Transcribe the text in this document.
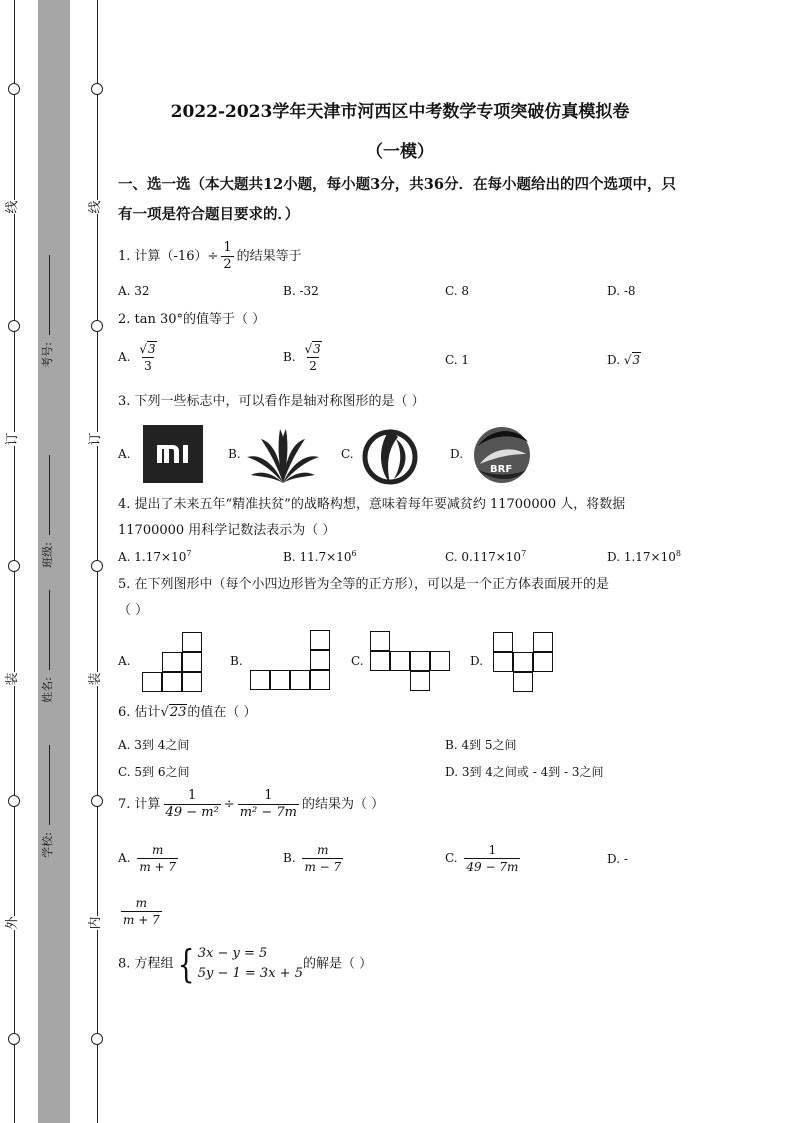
线
订
装
外
线
订
装
内
考号:
班级:
姓名:
学校:
2022-2023学年天津市河西区中考数学专项突破仿真模拟卷
（一模）
一、选一选（本大题共12小题，每小题3分，共36分．在每小题给出的四个选项中，只有一项是符合题目要求的．）
1. 计算$(-16)\div \frac{1}{2}$ 的结果等于
A. 32	B. -32	C. 8	D. -8
2. tan 30°的值等于（ ）
A. $\frac{√3}{3}$	B. $\frac{√3}{2}$	C. 1	D. √3
3. 下列一些标志中，可以看作是轴对称图形的是（ ）
A.	B.	C.	D.
BRF
4. 提出了未来五年“精准扶贫”的战略构想，意味着每年要减贫约 11700000 人，将数据
11700000 用科学记数法表示为（ ）
A. $1.17\times 10^7$	B. $11.7\times 10^6$	C. $0.117\times 10^7$	D. $1.17\times 10^8$
5. 在下列图形中（每个小四边形皆为全等的正方形），可以是一个正方体表面展开的是
（ ）
A.	B.	C.	D.
6. 估计√23的值在（ ）
A. 3到 4之间	B. 4到 5之间
C. 5到 6之间	D. 3到 4之间或 - 4到 - 3之间
7. 计算 $\frac{1}{\text{49 − m²}} \div \frac{1}{\text{m² − 7m}}$ 的结果为（ ）
A. $\frac{m}{m + 7}$	B. $\frac{m}{m - 7}$	C. $\frac{1}{49 - 7m}$	D. -
$\frac{m}{m + 7}$
8. 方程组{ 3x − y = 5
5y − 1 = 3x + 5的解是（ ）
